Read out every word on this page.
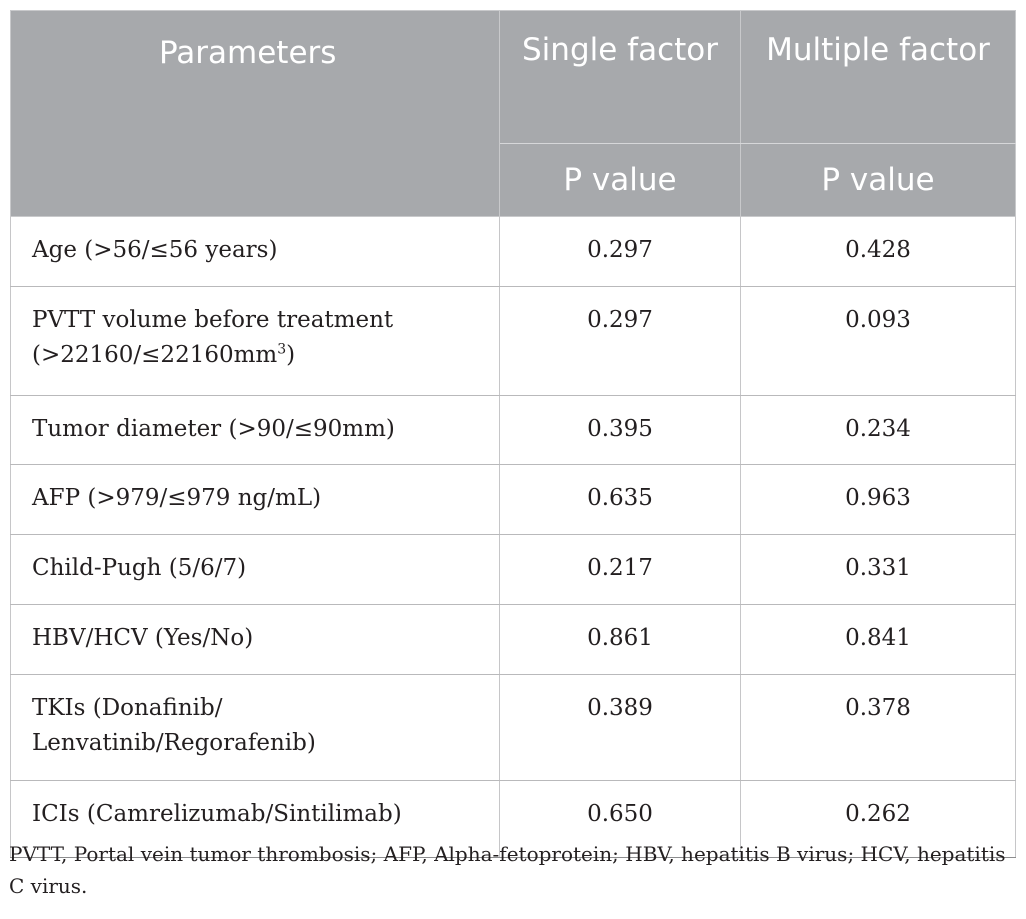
Parameters	Single factor	Multiple factor
	P value	P value
Age (>56/≤56 years)	0.297	0.428
PVTT volume before treatment
$(>22160/\le 22160mm^3)$	0.297	0.093
Tumor diameter (>90/≤90mm)	0.395	0.234
AFP (>979/≤979 ng/mL)	0.635	0.963
Child-Pugh (5/6/7)	0.217	0.331
HBV/HCV (Yes/No)	0.861	0.841
TKIs (Donafinib/
Lenvatinib/Regorafenib)	0.389	0.378
ICIs (Camrelizumab/Sintilimab)	0.650	0.262

PVTT, Portal vein tumor thrombosis; AFP, Alpha-fetoprotein; HBV, hepatitis B virus; HCV, hepatitis C virus.
